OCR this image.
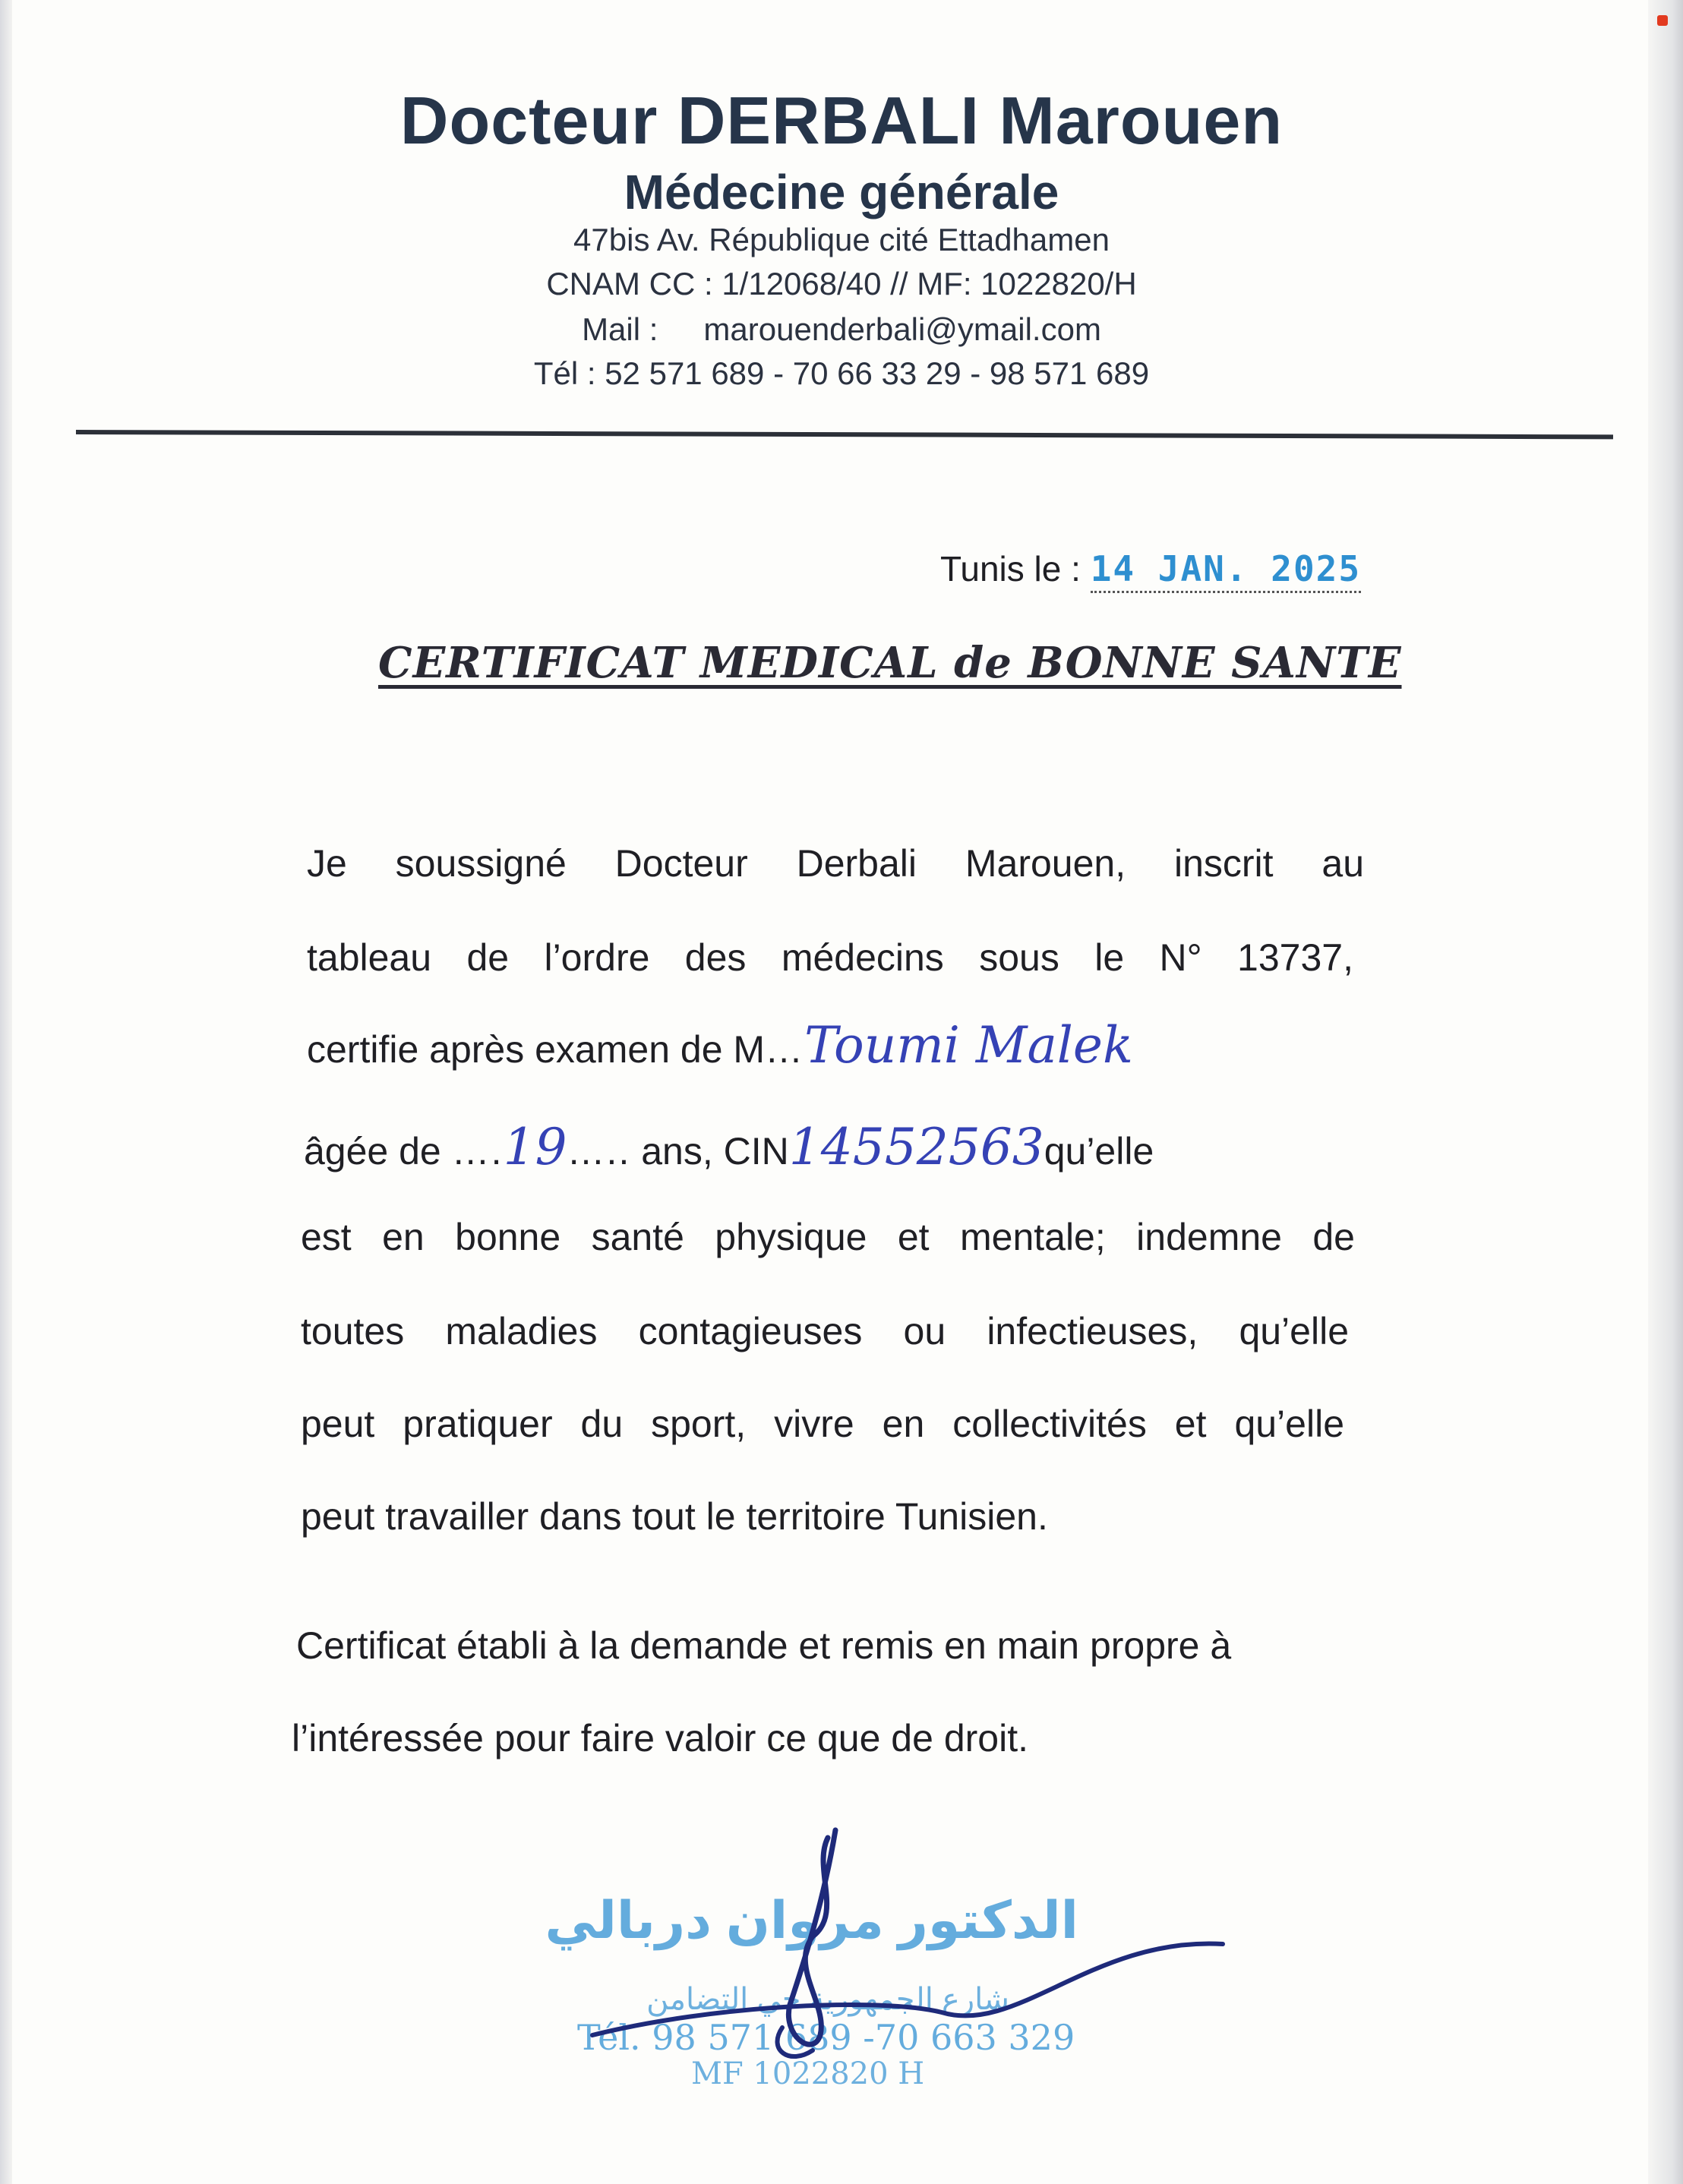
Docteur DERBALI Marouen
Médecine générale
47bis Av. République cité Ettadhamen
CNAM CC : 1/12068/40 // MF: 1022820/H
Mail : marouenderbali@ymail.com
Tél : 52 571 689 - 70 66 33 29 - 98 571 689
Tunis le : 14 JAN. 2025
CERTIFICAT MEDICAL de BONNE SANTE
Je soussigné Docteur Derbali Marouen, inscrit au
tableau de l’ordre des médecins sous le N° 13737,
certifie après examen de M…Toumi Malek
âgée de ….19….. ans, CIN14552563qu’elle
est en bonne santé physique et mentale; indemne de
toutes maladies contagieuses ou infectieuses, qu’elle
peut pratiquer du sport, vivre en collectivités et qu’elle
peut travailler dans tout le territoire Tunisien.
Certificat établi à la demande et remis en main propre à
l’intéressée pour faire valoir ce que de droit.
الدكتور مروان دربالي
شارع الجمهورية حي التضامن
Tél. 98 571 689 -70 663 329
MF 1022820 H
